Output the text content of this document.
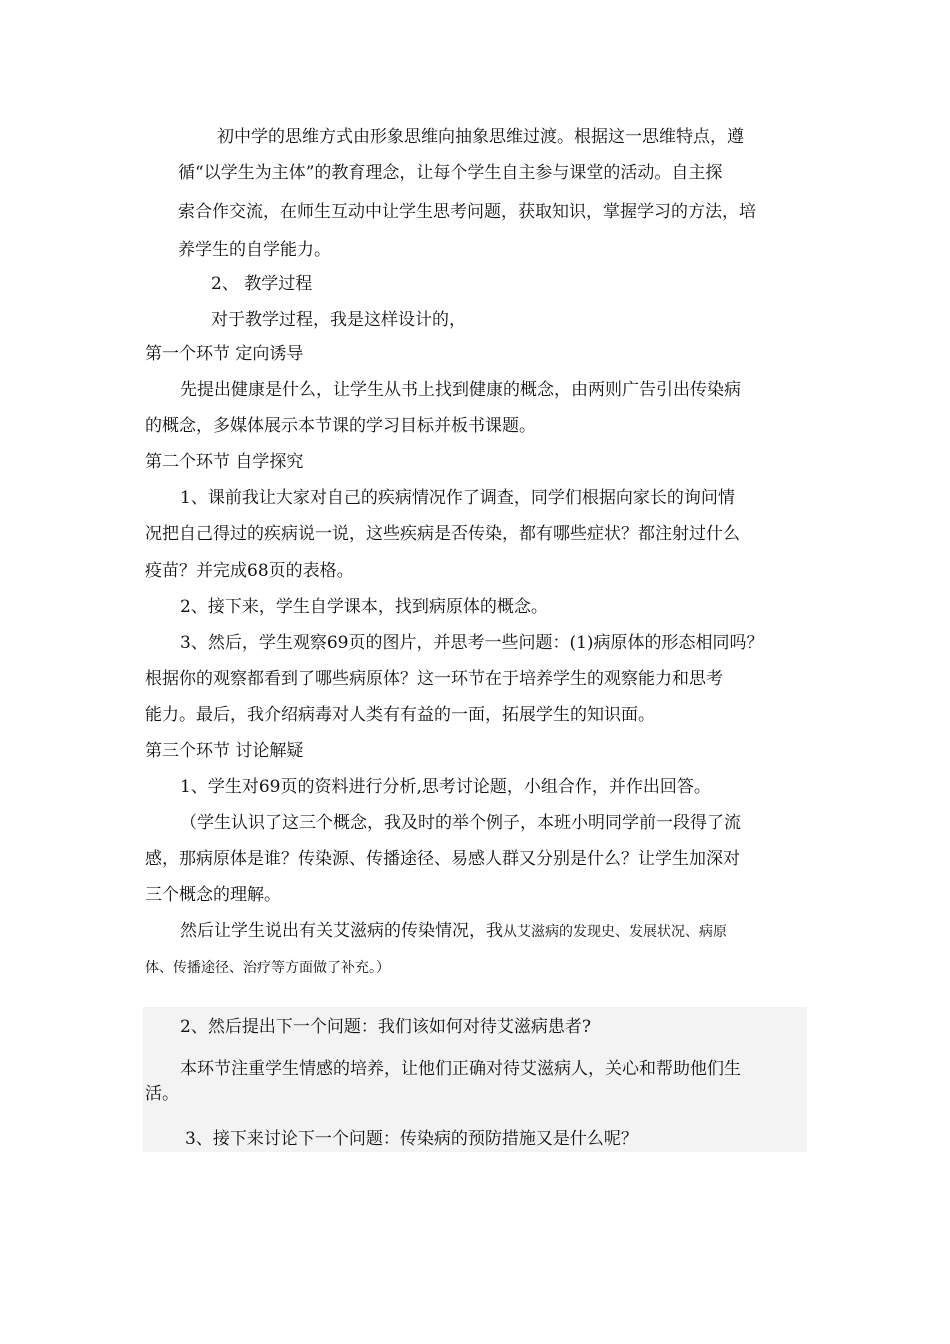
初中学的思维方式由形象思维向抽象思维过渡。根据这一思维特点，遵
循“以学生为主体”的教育理念，让每个学生自主参与课堂的活动。自主探
索合作交流，在师生互动中让学生思考问题，获取知识，掌握学习的方法，培
养学生的自学能力。
2、 教学过程
对于教学过程，我是这样设计的，
第一个环节 定向诱导
先提出健康是什么，让学生从书上找到健康的概念，由两则广告引出传染病
的概念，多媒体展示本节课的学习目标并板书课题。
第二个环节 自学探究
1、课前我让大家对自己的疾病情况作了调查，同学们根据向家长的询问情
况把自己得过的疾病说一说，这些疾病是否传染，都有哪些症状？都注射过什么
疫苗？并完成68页的表格。
2、接下来，学生自学课本，找到病原体的概念。
3、然后，学生观察69页的图片，并思考一些问题：(1)病原体的形态相同吗？
根据你的观察都看到了哪些病原体？这一环节在于培养学生的观察能力和思考
能力。最后，我介绍病毒对人类有有益的一面，拓展学生的知识面。
第三个环节 讨论解疑
1、学生对69页的资料进行分析,思考讨论题，小组合作，并作出回答。
（学生认识了这三个概念，我及时的举个例子，本班小明同学前一段得了流
感，那病原体是谁？传染源、传播途径、易感人群又分别是什么？让学生加深对
三个概念的理解。
然后让学生说出有关艾滋病的传染情况，我从艾滋病的发现史、发展状况、病原
体、传播途径、治疗等方面做了补充。）
2、然后提出下一个问题：我们该如何对待艾滋病患者?
本环节注重学生情感的培养，让他们正确对待艾滋病人，关心和帮助他们生
活。
3、接下来讨论下一个问题：传染病的预防措施又是什么呢？
